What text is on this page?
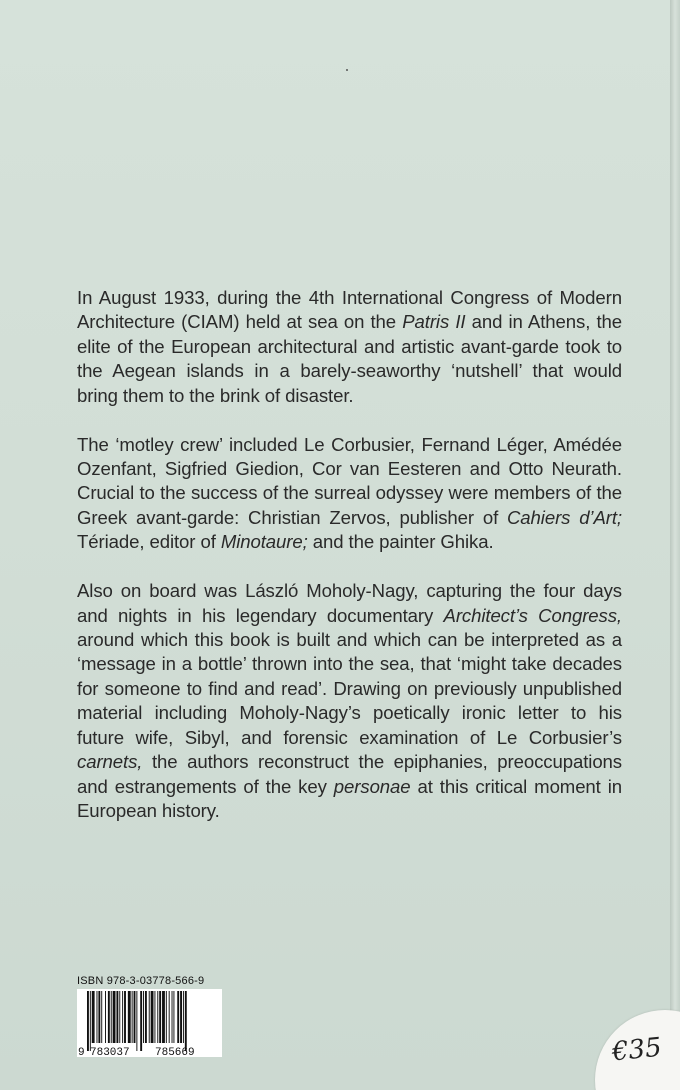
In August 1933, during the 4th International Congress of Modern Architecture (CIAM) held at sea on the Patris II and in Athens, the elite of the European architectural and artistic avant-garde took to the Aegean islands in a barely-seaworthy ‘nutshell’ that would bring them to the brink of disaster.

The ‘motley crew’ included Le Corbusier, Fernand Léger, Amédée Ozenfant, Sigfried Giedion, Cor van Eesteren and Otto Neurath. Crucial to the success of the surreal odyssey were members of the Greek avant-garde: Christian Zervos, publisher of Cahiers d’Art; Tériade, editor of Minotaure; and the painter Ghika.

Also on board was László Moholy-Nagy, capturing the four days and nights in his legendary documentary Architect’s Congress, around which this book is built and which can be interpreted as a ‘message in a bottle’ thrown into the sea, that ‘might take decades for someone to find and read’. Drawing on previously unpublished material including Moholy-Nagy’s poetically ironic letter to his future wife, Sibyl, and forensic examination of Le Corbusier’s carnets, the authors reconstruct the epiphanies, preoccupations and estrangements of the key personae at this critical moment in European history.

ISBN 978-3-03778-566-9
9 783037 785669	€35
